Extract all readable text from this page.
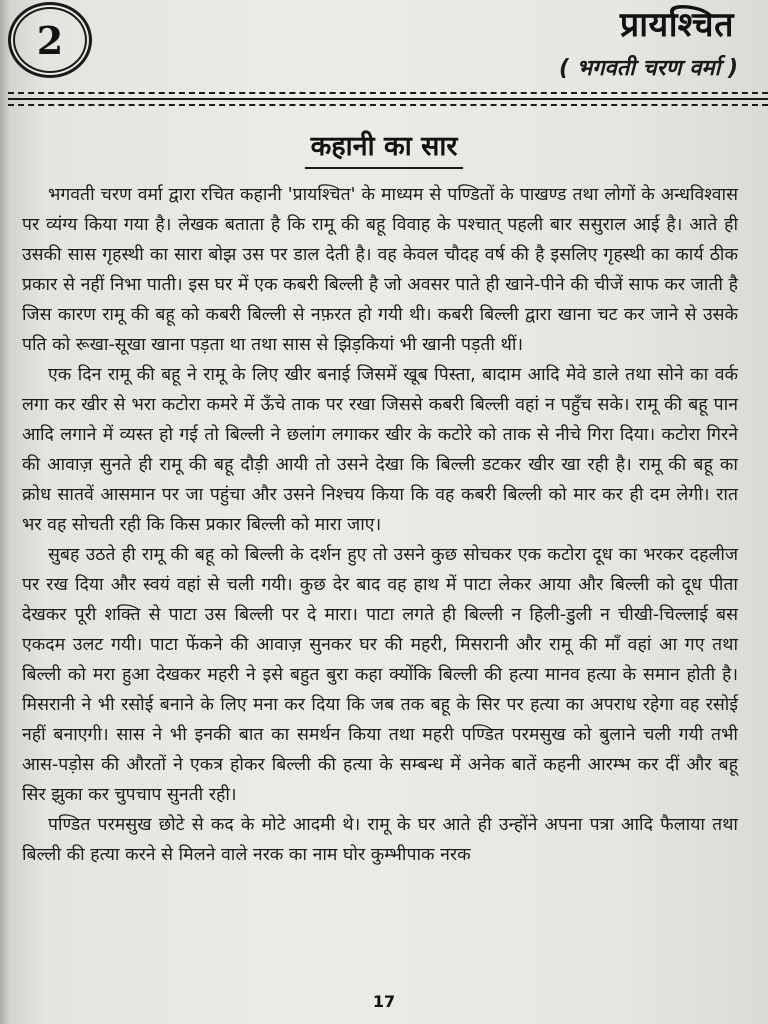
2	प्रायश्चित
( भगवती चरण वर्मा )
कहानी का सार

भगवती चरण वर्मा द्वारा रचित कहानी 'प्रायश्चित' के माध्यम से पण्डितों के पाखण्ड तथा लोगों के अन्धविश्वास पर व्यंग्य किया गया है। लेखक बताता है कि रामू की बहू विवाह के पश्चात् पहली बार ससुराल आई है। आते ही उसकी सास गृहस्थी का सारा बोझ उस पर डाल देती है। वह केवल चौदह वर्ष की है इसलिए गृहस्थी का कार्य ठीक प्रकार से नहीं निभा पाती। इस घर में एक कबरी बिल्ली है जो अवसर पाते ही खाने-पीने की चीजें साफ कर जाती है जिस कारण रामू की बहू को कबरी बिल्ली से नफ़रत हो गयी थी। कबरी बिल्ली द्वारा खाना चट कर जाने से उसके पति को रूखा-सूखा खाना पड़ता था तथा सास से झिड़कियां भी खानी पड़ती थीं।

एक दिन रामू की बहू ने रामू के लिए खीर बनाई जिसमें खूब पिस्ता, बादाम आदि मेवे डाले तथा सोने का वर्क लगा कर खीर से भरा कटोरा कमरे में ऊँचे ताक पर रखा जिससे कबरी बिल्ली वहां न पहुँच सके। रामू की बहू पान आदि लगाने में व्यस्त हो गई तो बिल्ली ने छलांग लगाकर खीर के कटोरे को ताक से नीचे गिरा दिया। कटोरा गिरने की आवाज़ सुनते ही रामू की बहू दौड़ी आयी तो उसने देखा कि बिल्ली डटकर खीर खा रही है। रामू की बहू का क्रोध सातवें आसमान पर जा पहुंचा और उसने निश्चय किया कि वह कबरी बिल्ली को मार कर ही दम लेगी। रात भर वह सोचती रही कि किस प्रकार बिल्ली को मारा जाए।

सुबह उठते ही रामू की बहू को बिल्ली के दर्शन हुए तो उसने कुछ सोचकर एक कटोरा दूध का भरकर दहलीज पर रख दिया और स्वयं वहां से चली गयी। कुछ देर बाद वह हाथ में पाटा लेकर आया और बिल्ली को दूध पीता देखकर पूरी शक्ति से पाटा उस बिल्ली पर दे मारा। पाटा लगते ही बिल्ली न हिली-डुली न चीखी-चिल्लाई बस एकदम उलट गयी। पाटा फेंकने की आवाज़ सुनकर घर की महरी, मिसरानी और रामू की माँ वहां आ गए तथा बिल्ली को मरा हुआ देखकर महरी ने इसे बहुत बुरा कहा क्योंकि बिल्ली की हत्या मानव हत्या के समान होती है। मिसरानी ने भी रसोई बनाने के लिए मना कर दिया कि जब तक बहू के सिर पर हत्या का अपराध रहेगा वह रसोई नहीं बनाएगी। सास ने भी इनकी बात का समर्थन किया तथा महरी पण्डित परमसुख को बुलाने चली गयी तभी आस-पड़ोस की औरतों ने एकत्र होकर बिल्ली की हत्या के सम्बन्ध में अनेक बातें कहनी आरम्भ कर दीं और बहू सिर झुका कर चुपचाप सुनती रही।

पण्डित परमसुख छोटे से कद के मोटे आदमी थे। रामू के घर आते ही उन्होंने अपना पत्रा आदि फैलाया तथा बिल्ली की हत्या करने से मिलने वाले नरक का नाम घोर कुम्भीपाक नरक

17
